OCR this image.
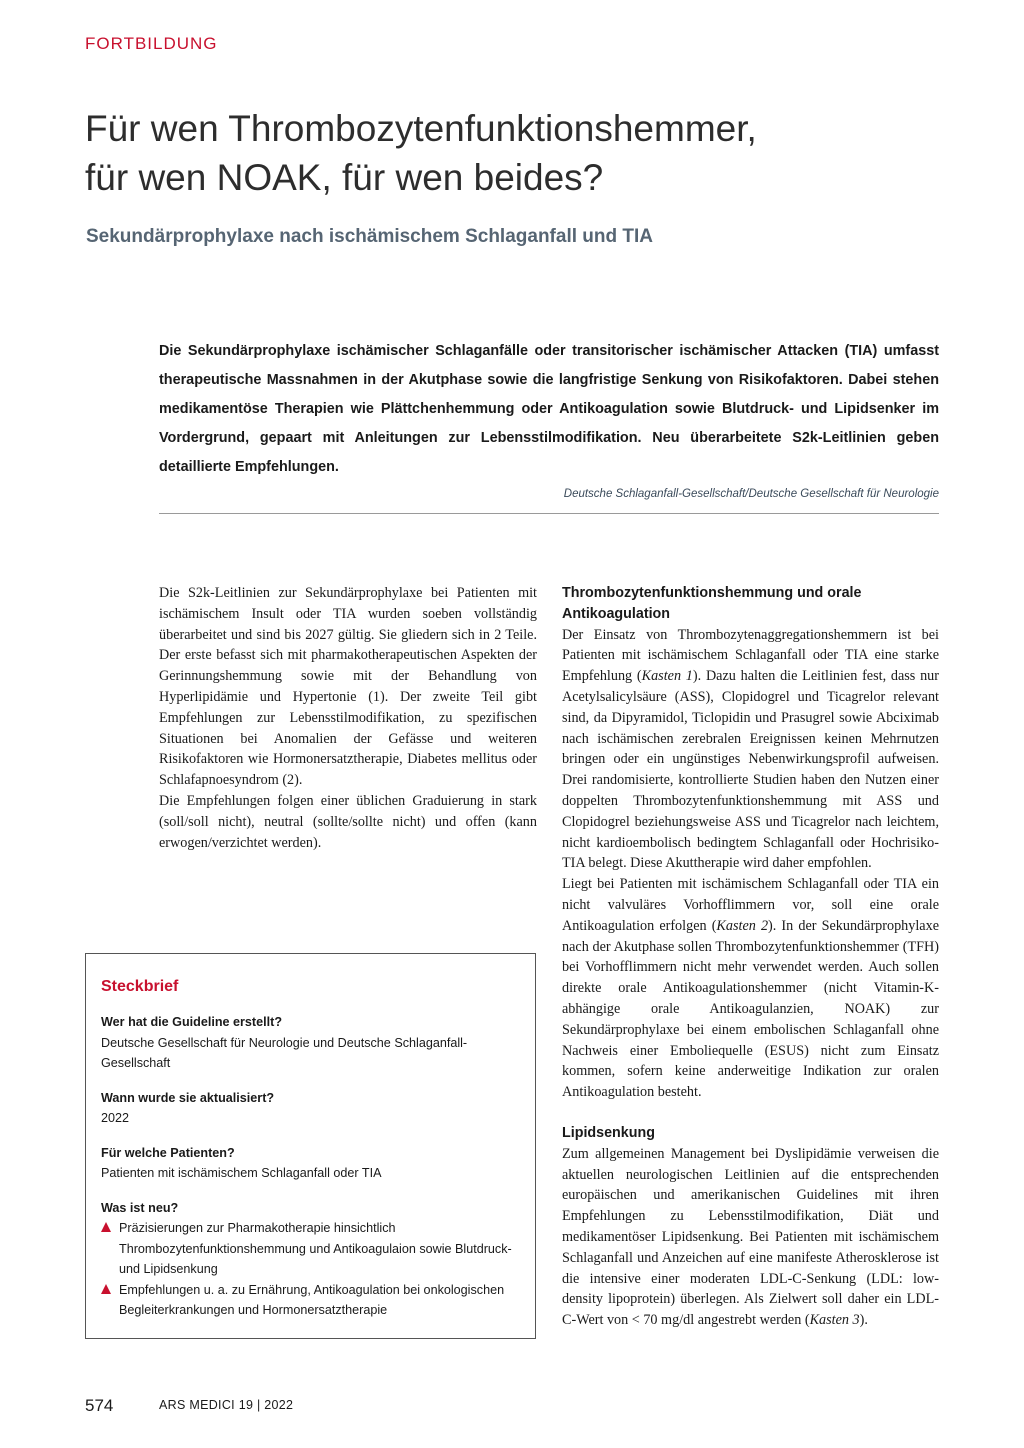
FORTBILDUNG
Für wen Thrombozytenfunktionshemmer,
für wen NOAK, für wen beides?
Sekundärprophylaxe nach ischämischem Schlaganfall und TIA
Die Sekundärprophylaxe ischämischer Schlaganfälle oder transitorischer ischämischer Attacken (TIA) umfasst therapeutische Massnahmen in der Akutphase sowie die langfristige Senkung von Risikofaktoren. Dabei stehen medikamentöse Therapien wie Plättchenhemmung oder Antikoagulation sowie Blutdruck- und Lipidsenker im Vordergrund, gepaart mit Anleitungen zur Lebensstilmodifikation. Neu überarbeitete S2k-Leitlinien geben detaillierte Empfehlungen.
Deutsche Schlaganfall-Gesellschaft/Deutsche Gesellschaft für Neurologie

Die S2k-Leitlinien zur Sekundärprophylaxe bei Patienten mit ischämischem Insult oder TIA wurden soeben vollständig überarbeitet und sind bis 2027 gültig. Sie gliedern sich in 2 Teile. Der erste befasst sich mit pharmakotherapeutischen Aspekten der Gerinnungshemmung sowie mit der Behandlung von Hyperlipidämie und Hypertonie (1). Der zweite Teil gibt Empfehlungen zur Lebensstilmodifikation, zu spezifischen Situationen bei Anomalien der Gefässe und weiteren Risikofaktoren wie Hormonersatztherapie, Diabetes mellitus oder Schlafapnoesyndrom (2).

Die Empfehlungen folgen einer üblichen Graduierung in stark (soll/soll nicht), neutral (sollte/sollte nicht) und offen (kann erwogen/verzichtet werden).

Thrombozytenfunktionshemmung und orale Antikoagulation

Der Einsatz von Thrombozytenaggregationshemmern ist bei Patienten mit ischämischem Schlaganfall oder TIA eine starke Empfehlung (Kasten 1). Dazu halten die Leitlinien fest, dass nur Acetylsalicylsäure (ASS), Clopidogrel und Ticagrelor relevant sind, da Dipyramidol, Ticlopidin und Prasugrel sowie Abciximab nach ischämischen zerebralen Ereignissen keinen Mehrnutzen bringen oder ein ungünstiges Nebenwirkungsprofil aufweisen. Drei randomisierte, kontrollierte Studien haben den Nutzen einer doppelten Thrombozytenfunktionshemmung mit ASS und Clopidogrel beziehungsweise ASS und Ticagrelor nach leichtem, nicht kardioembolisch bedingtem Schlaganfall oder Hochrisiko-TIA belegt. Diese Akuttherapie wird daher empfohlen.

Liegt bei Patienten mit ischämischem Schlaganfall oder TIA ein nicht valvuläres Vorhofflimmern vor, soll eine orale Antikoagulation erfolgen (Kasten 2). In der Sekundärprophylaxe nach der Akutphase sollen Thrombozytenfunktionshemmer (TFH) bei Vorhofflimmern nicht mehr verwendet werden. Auch sollen direkte orale Antikoagulationshemmer (nicht Vitamin-K-abhängige orale Antikoagulanzien, NOAK) zur Sekundärprophylaxe bei einem embolischen Schlaganfall ohne Nachweis einer Emboliequelle (ESUS) nicht zum Einsatz kommen, sofern keine anderweitige Indikation zur oralen Antikoagulation besteht.

Lipidsenkung

Zum allgemeinen Management bei Dyslipidämie verweisen die aktuellen neurologischen Leitlinien auf die entsprechenden europäischen und amerikanischen Guidelines mit ihren Empfehlungen zu Lebensstilmodifikation, Diät und medikamentöser Lipidsenkung. Bei Patienten mit ischämischem Schlaganfall und Anzeichen auf eine manifeste Atherosklerose ist die intensive einer moderaten LDL-C-Senkung (LDL: low-density lipoprotein) überlegen. Als Zielwert soll daher ein LDL-C-Wert von < 70 mg/dl angestrebt werden (Kasten 3).

Steckbrief
Wer hat die Guideline erstellt?
Deutsche Gesellschaft für Neurologie und Deutsche Schlaganfall-Gesellschaft
Wann wurde sie aktualisiert?
2022
Für welche Patienten?
Patienten mit ischämischem Schlaganfall oder TIA
Was ist neu?
Präzisierungen zur Pharmakotherapie hinsichtlich Thrombozytenfunktionshemmung und Antikoagulaion sowie Blutdruck- und Lipidsenkung
Empfehlungen u. a. zu Ernährung, Antikoagulation bei onkologischen Begleiterkrankungen und Hormonersatztherapie
574	ARS MEDICI 19 | 2022
